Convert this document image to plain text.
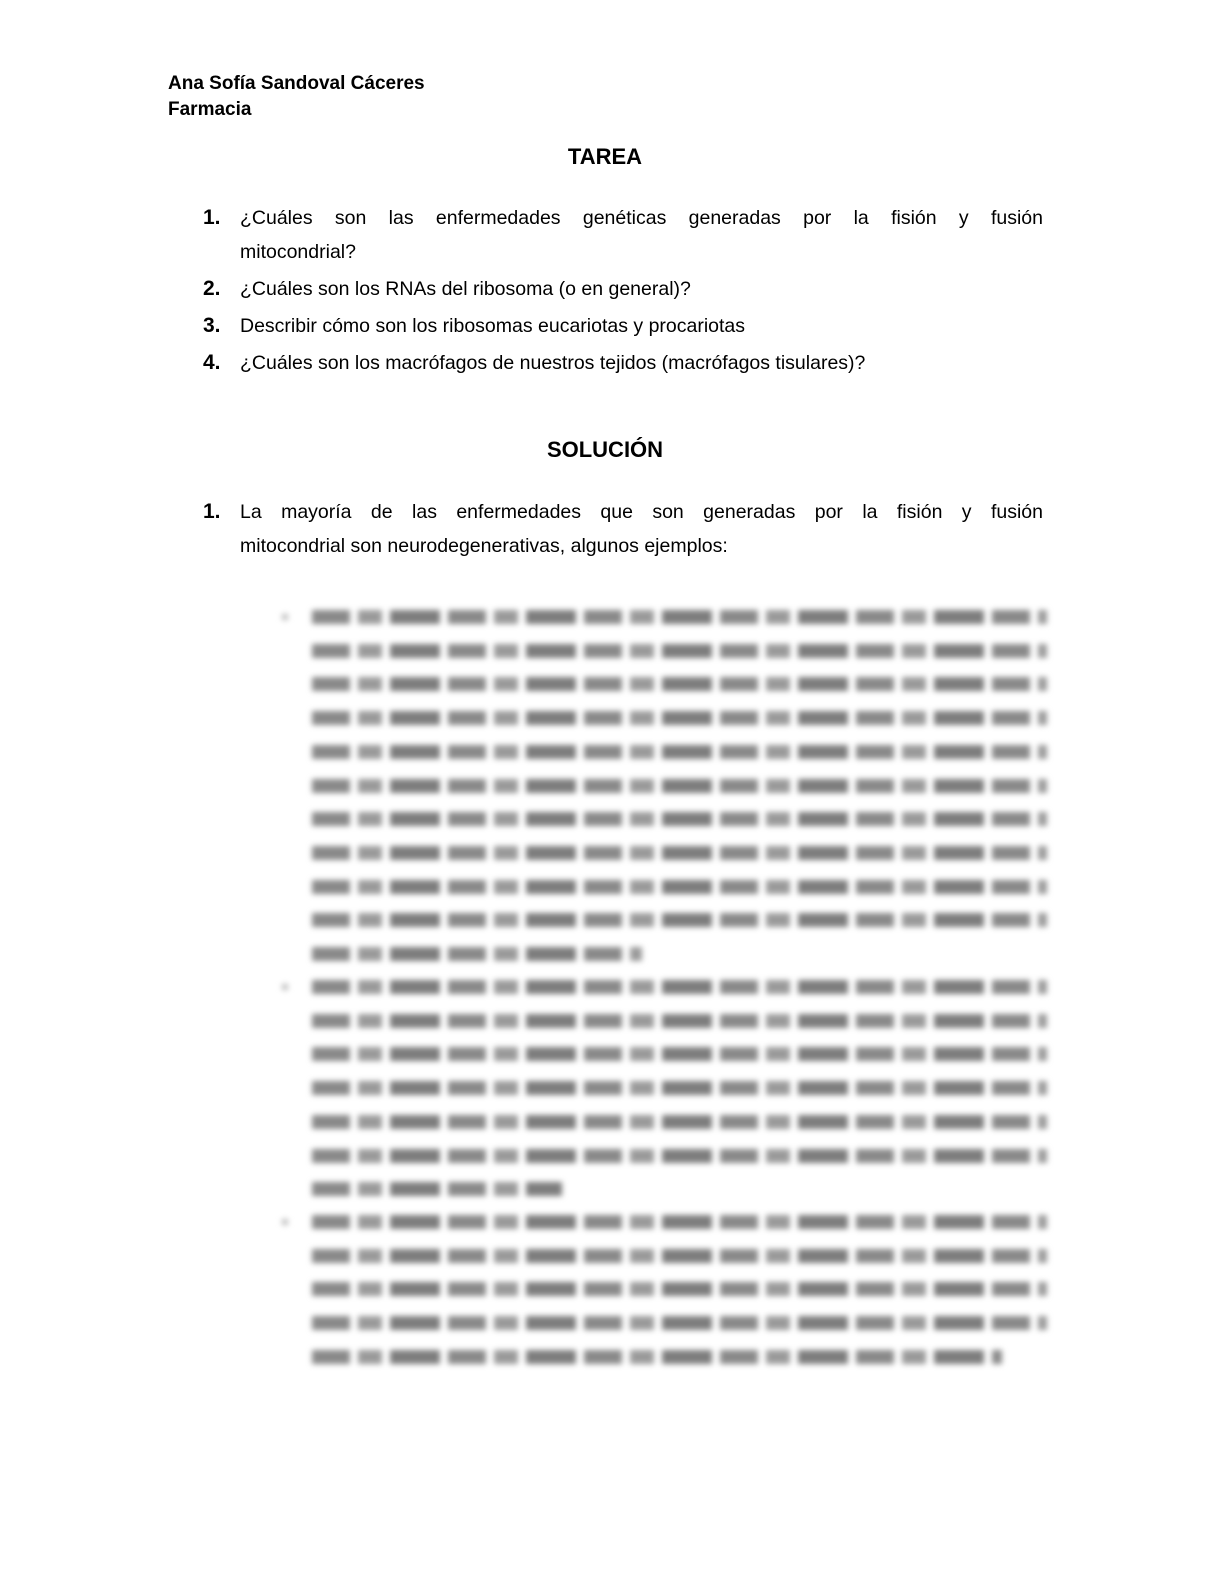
Ana Sofía Sandoval Cáceres
Farmacia
TAREA
1. ¿Cuáles son las enfermedades genéticas generadas por la fisión y fusión
mitocondrial?
2. ¿Cuáles son los RNAs del ribosoma (o en general)?
3. Describir cómo son los ribosomas eucariotas y procariotas
4. ¿Cuáles son los macrófagos de nuestros tejidos (macrófagos tisulares)?
SOLUCIÓN
1. La mayoría de las enfermedades que son generadas por la fisión y fusión
mitocondrial son neurodegenerativas, algunos ejemplos:
